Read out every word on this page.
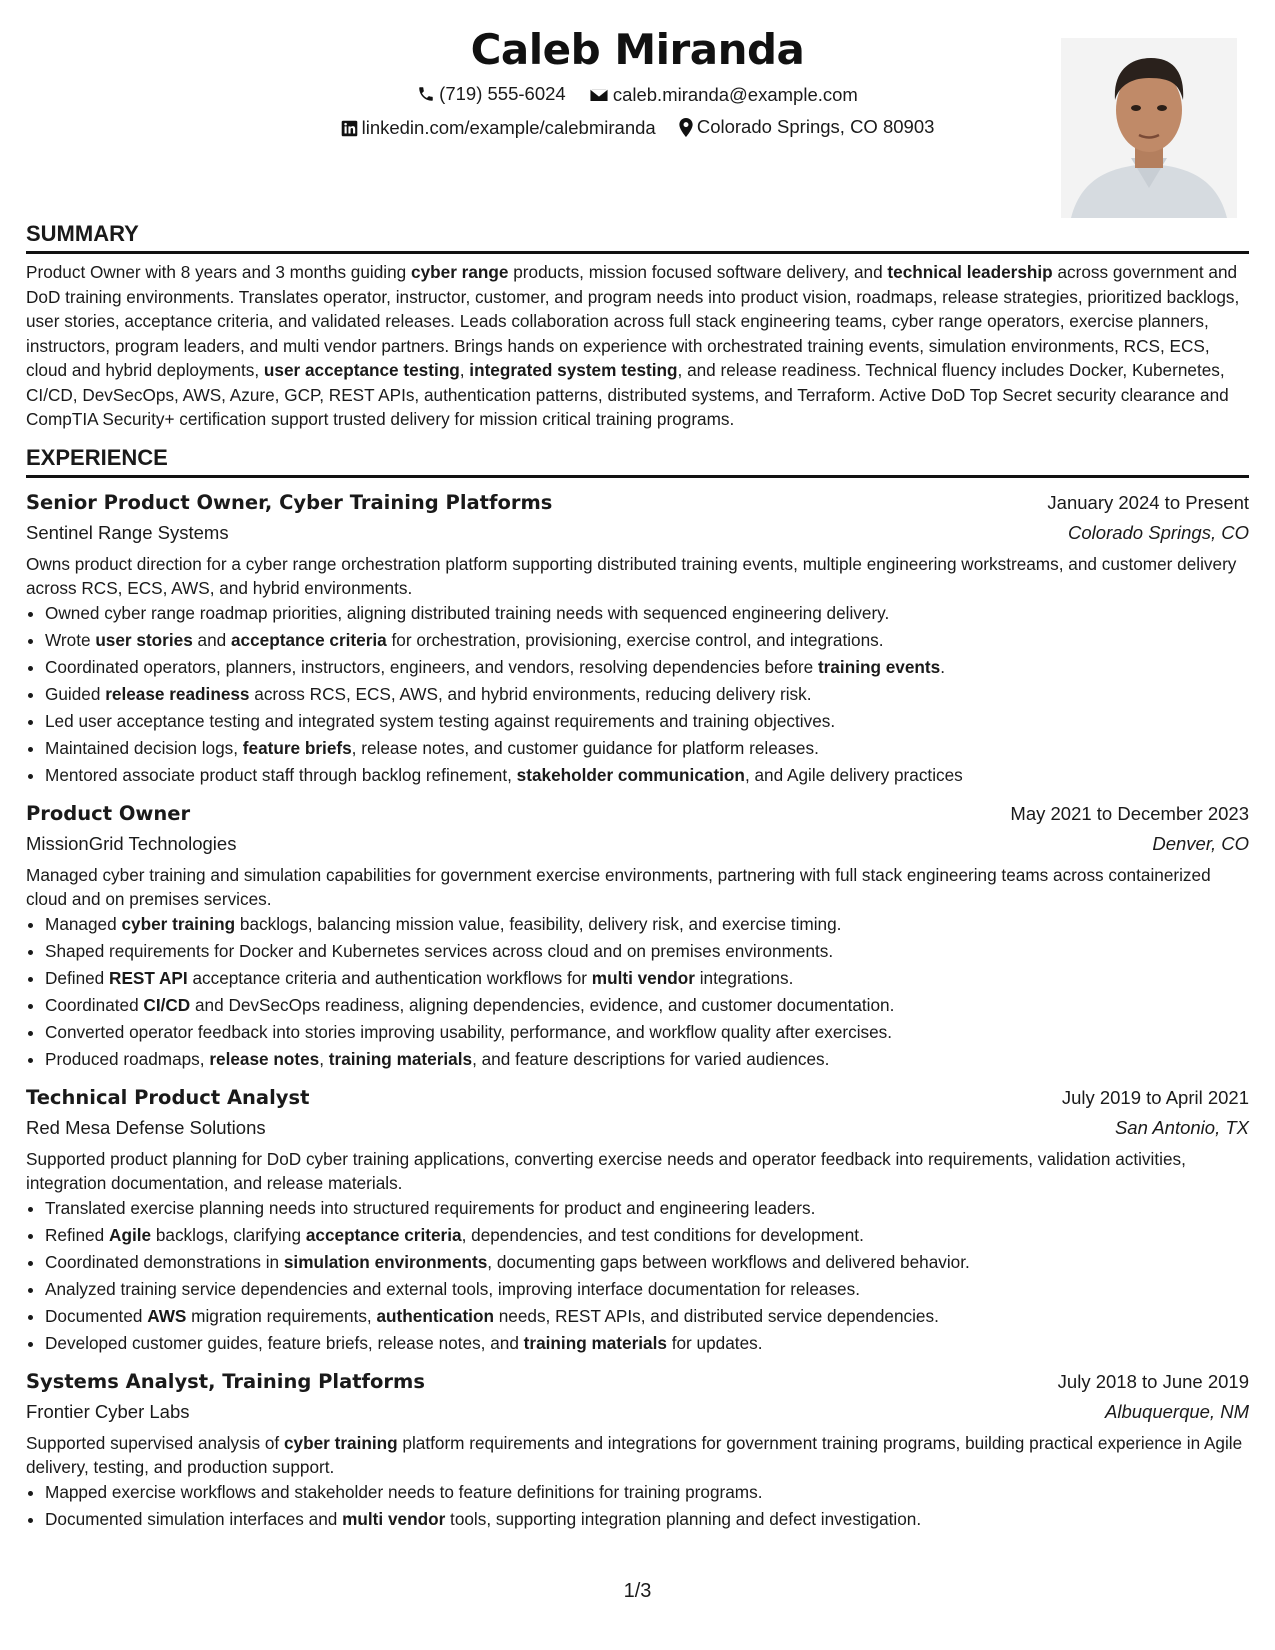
Caleb Miranda
(719) 555-6024
	caleb.miranda@example.com
linkedin.com/example/calebmiranda
Colorado Springs, CO 80903
SUMMARY

Product Owner with 8 years and 3 months guiding cyber range products, mission focused software delivery, and technical leadership across government and DoD training environments. Translates operator, instructor, customer, and program needs into product vision, roadmaps, release strategies, prioritized backlogs, user stories, acceptance criteria, and validated releases. Leads collaboration across full stack engineering teams, cyber range operators, exercise planners, instructors, program leaders, and multi vendor partners. Brings hands on experience with orchestrated training events, simulation environments, RCS, ECS, cloud and hybrid deployments, user acceptance testing, integrated system testing, and release readiness. Technical fluency includes Docker, Kubernetes, CI/CD, DevSecOps, AWS, Azure, GCP, REST APIs, authentication patterns, distributed systems, and Terraform. Active DoD Top Secret security clearance and CompTIA Security+ certification support trusted delivery for mission critical training programs.

EXPERIENCE
Senior Product Owner, Cyber Training Platforms	January 2024 to Present
Sentinel Range Systems	Colorado Springs, CO
Owns product direction for a cyber range orchestration platform supporting distributed training events, multiple engineering workstreams, and customer delivery across RCS, ECS, AWS, and hybrid environments.
• Owned cyber range roadmap priorities, aligning distributed training needs with sequenced engineering delivery.
• Wrote user stories and acceptance criteria for orchestration, provisioning, exercise control, and integrations.
• Coordinated operators, planners, instructors, engineers, and vendors, resolving dependencies before training events.
• Guided release readiness across RCS, ECS, AWS, and hybrid environments, reducing delivery risk.
• Led user acceptance testing and integrated system testing against requirements and training objectives.
• Maintained decision logs, feature briefs, release notes, and customer guidance for platform releases.
• Mentored associate product staff through backlog refinement, stakeholder communication, and Agile delivery practices
Product Owner	May 2021 to December 2023
MissionGrid Technologies	Denver, CO
Managed cyber training and simulation capabilities for government exercise environments, partnering with full stack engineering teams across containerized cloud and on premises services.
• Managed cyber training backlogs, balancing mission value, feasibility, delivery risk, and exercise timing.
• Shaped requirements for Docker and Kubernetes services across cloud and on premises environments.
• Defined REST API acceptance criteria and authentication workflows for multi vendor integrations.
• Coordinated CI/CD and DevSecOps readiness, aligning dependencies, evidence, and customer documentation.
• Converted operator feedback into stories improving usability, performance, and workflow quality after exercises.
• Produced roadmaps, release notes, training materials, and feature descriptions for varied audiences.
Technical Product Analyst	July 2019 to April 2021
Red Mesa Defense Solutions	San Antonio, TX
Supported product planning for DoD cyber training applications, converting exercise needs and operator feedback into requirements, validation activities, integration documentation, and release materials.
• Translated exercise planning needs into structured requirements for product and engineering leaders.
• Refined Agile backlogs, clarifying acceptance criteria, dependencies, and test conditions for development.
• Coordinated demonstrations in simulation environments, documenting gaps between workflows and delivered behavior.
• Analyzed training service dependencies and external tools, improving interface documentation for releases.
• Documented AWS migration requirements, authentication needs, REST APIs, and distributed service dependencies.
• Developed customer guides, feature briefs, release notes, and training materials for updates.
Systems Analyst, Training Platforms	July 2018 to June 2019
Frontier Cyber Labs	Albuquerque, NM
Supported supervised analysis of cyber training platform requirements and integrations for government training programs, building practical experience in Agile delivery, testing, and production support.
• Mapped exercise workflows and stakeholder needs to feature definitions for training programs.
• Documented simulation interfaces and multi vendor tools, supporting integration planning and defect investigation.
1/3
